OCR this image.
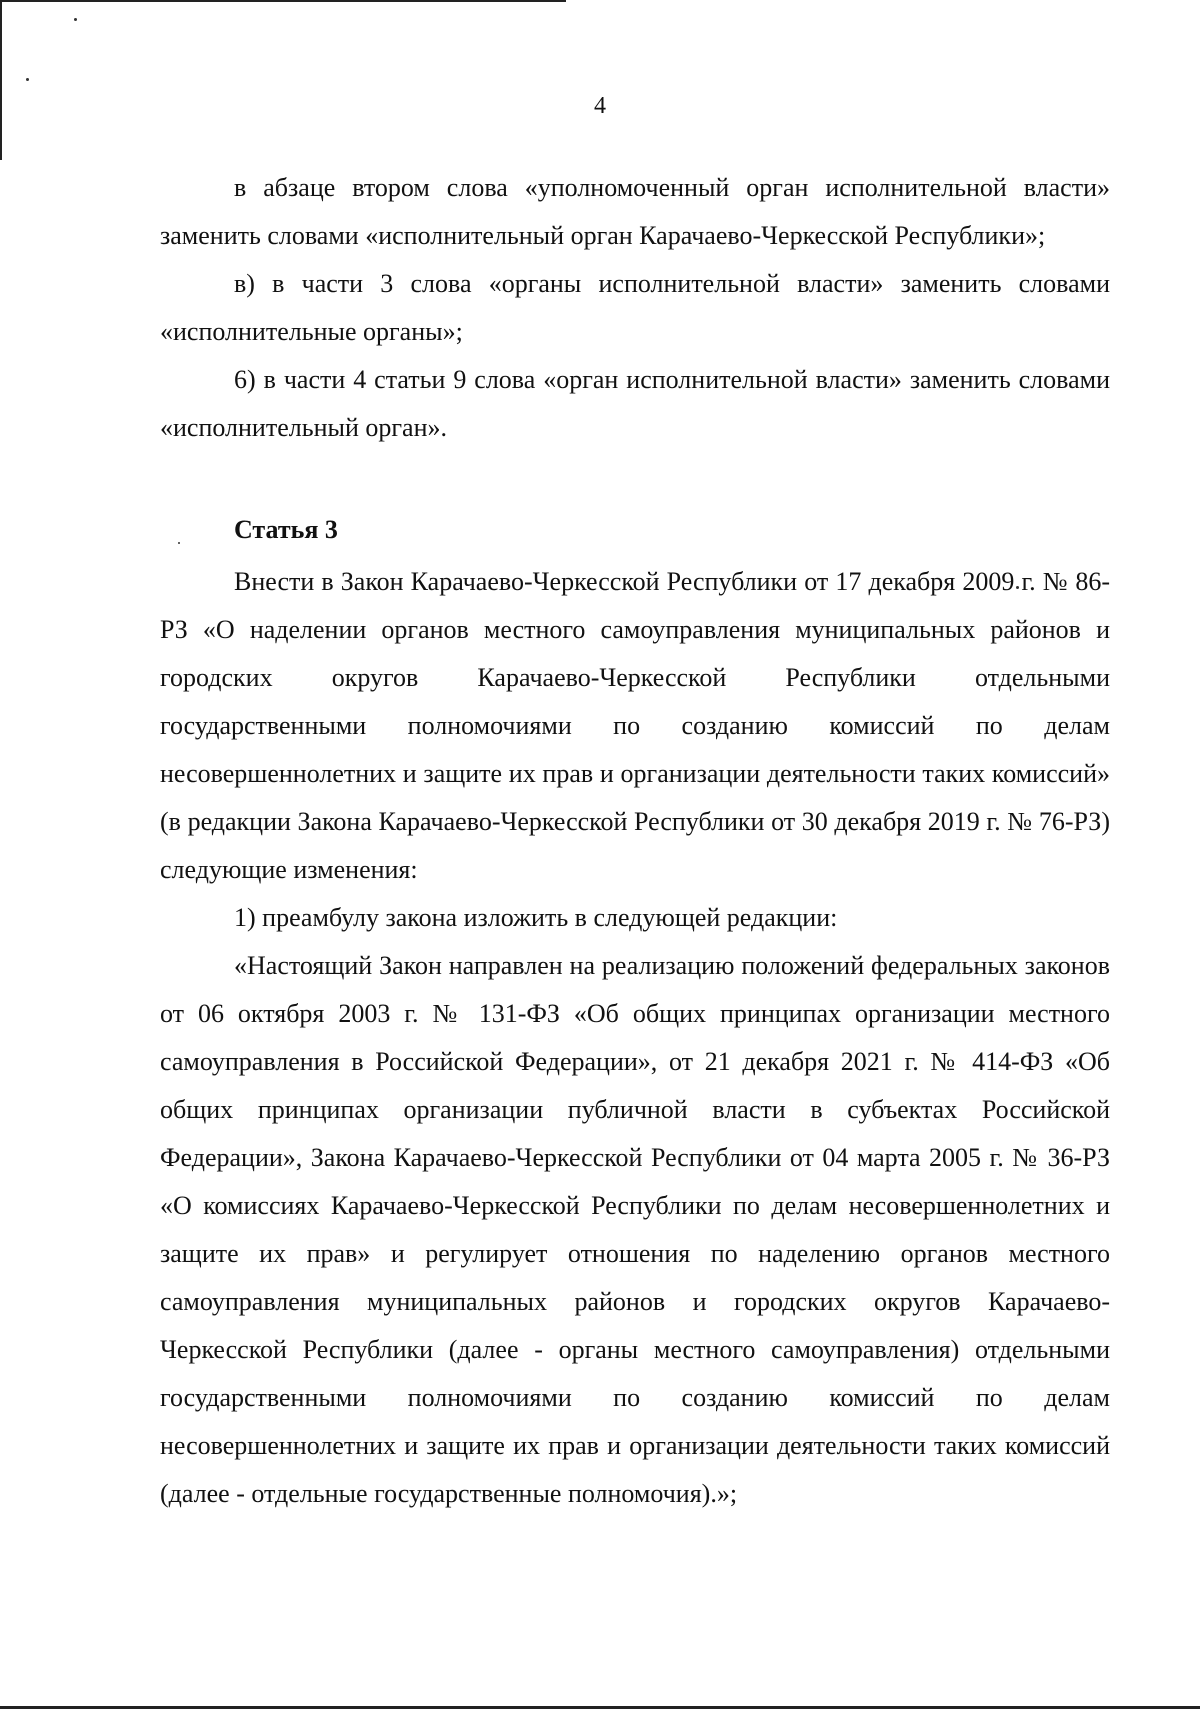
4

в абзаце втором слова «уполномоченный орган исполнительной власти» заменить словами «исполнительный орган Карачаево-Черкесской Республики»;

в) в части 3 слова «органы исполнительной власти» заменить словами «исполнительные органы»;

6) в части 4 статьи 9 слова «орган исполнительной власти» заменить словами «исполнительный орган».

Статья 3

Внести в Закон Карачаево-Черкесской Республики от 17 декабря 2009 г. № 86-РЗ «О наделении органов местного самоуправления муниципальных районов и городских округов Карачаево-Черкесской Республики отдельными государственными полномочиями по созданию комиссий по делам несовершеннолетних и защите их прав и организации деятельности таких комиссий» (в редакции Закона Карачаево-Черкесской Республики от 30 декабря 2019 г. № 76-РЗ) следующие изменения:

1) преамбулу закона изложить в следующей редакции:

«Настоящий Закон направлен на реализацию положений федеральных законов от 06 октября 2003 г. № 131-ФЗ «Об общих принципах организации местного самоуправления в Российской Федерации», от 21 декабря 2021 г. № 414-ФЗ «Об общих принципах организации публичной власти в субъектах Российской Федерации», Закона Карачаево-Черкесской Республики от 04 марта 2005 г. № 36-РЗ «О комиссиях Карачаево-Черкесской Республики по делам несовершеннолетних и защите их прав» и регулирует отношения по наделению органов местного самоуправления муниципальных районов и городских округов Карачаево-Черкесской Республики (далее - органы местного самоуправления) отдельными государственными полномочиями по созданию комиссий по делам несовершеннолетних и защите их прав и организации деятельности таких комиссий (далее - отдельные государственные полномочия).»;
